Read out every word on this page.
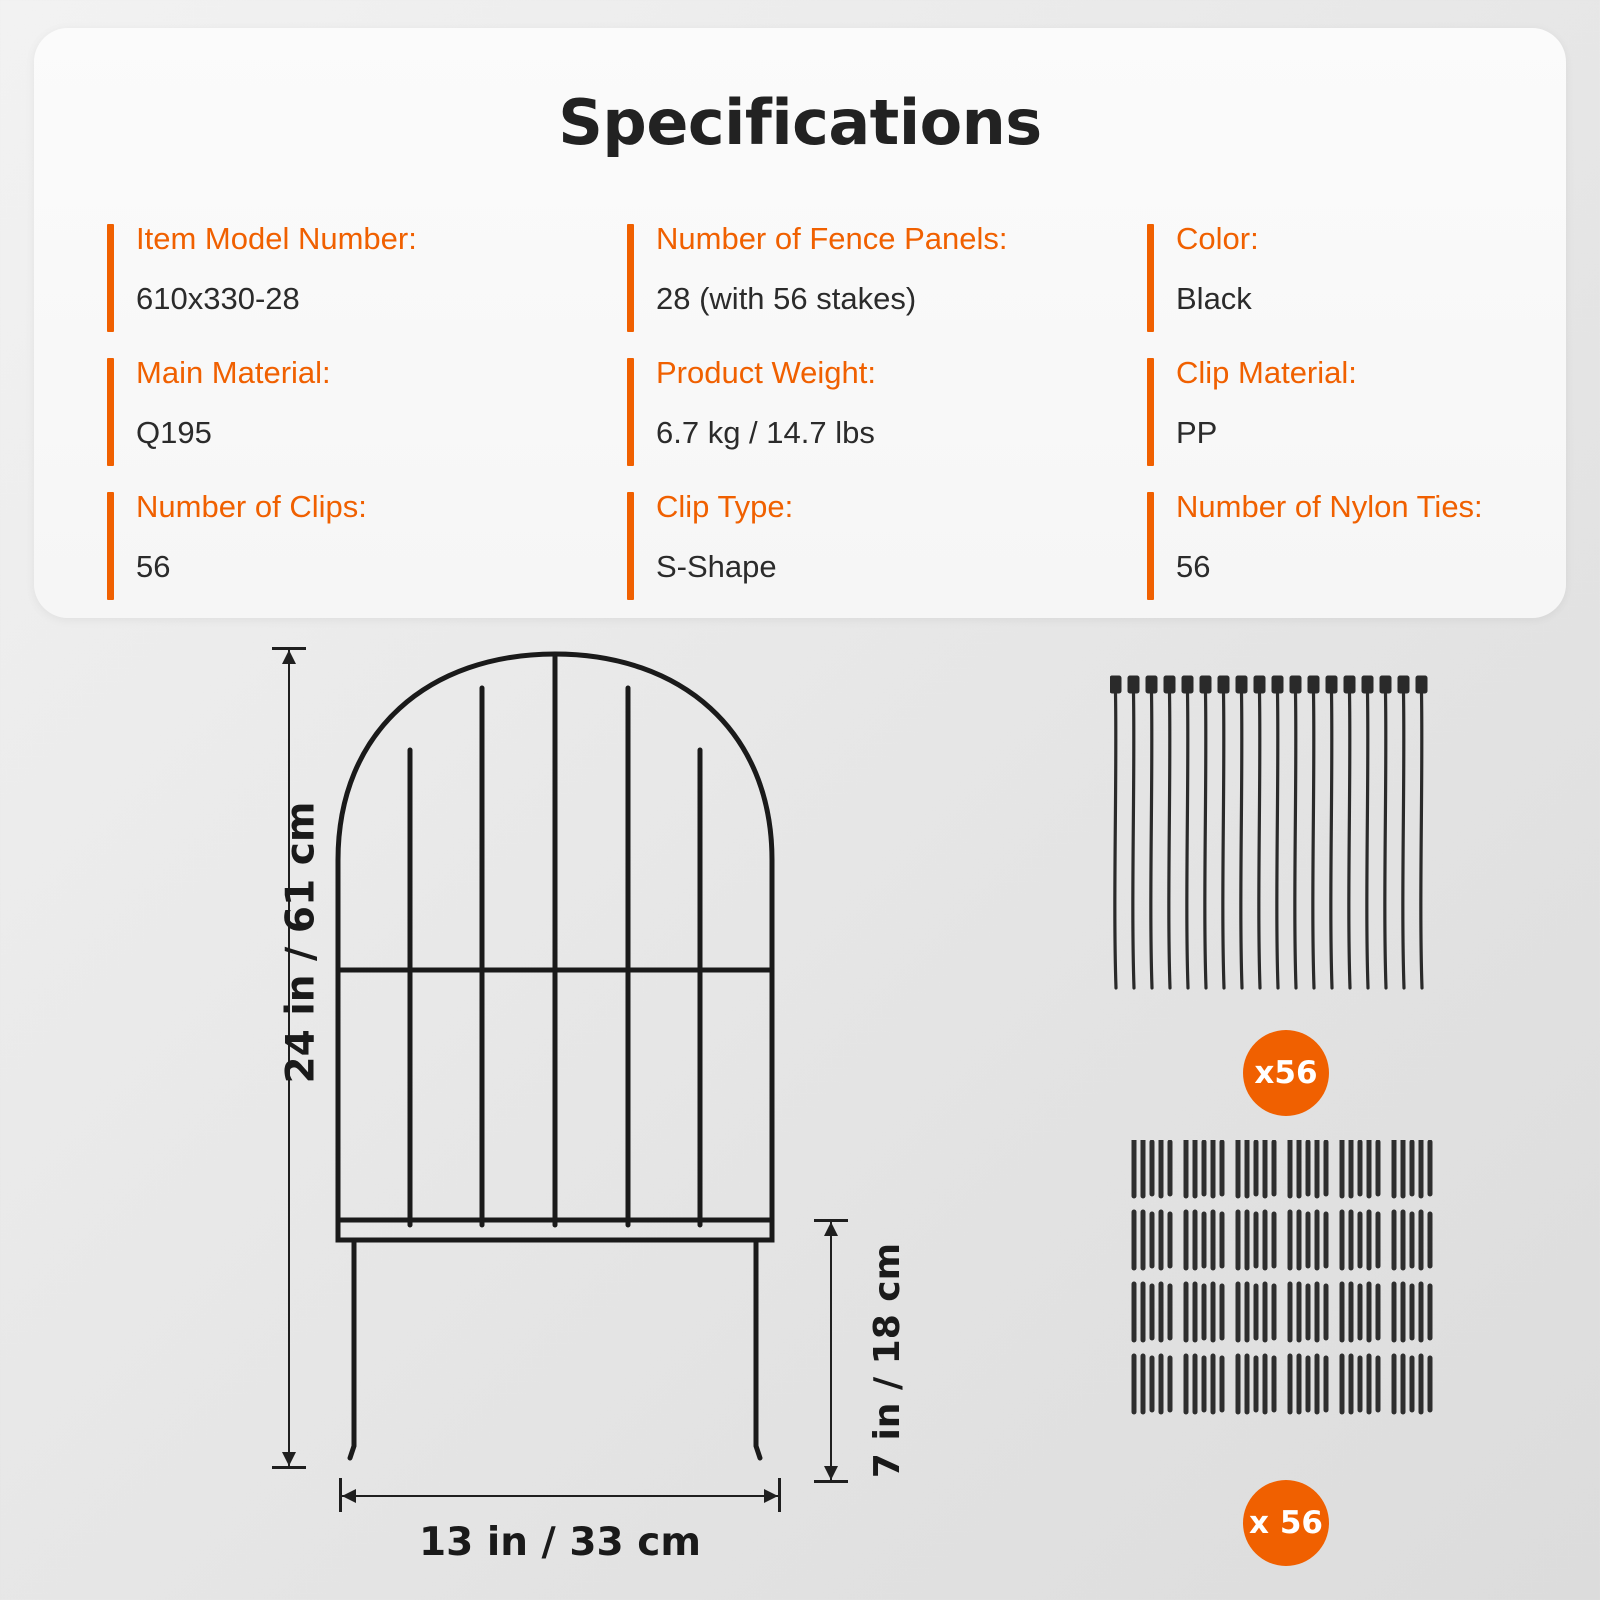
Specifications
Item Model Number:
610x330-28
Number of Fence Panels:
28 (with 56 stakes)
Color:
Black
Main Material:
Q195
Product Weight:
6.7 kg / 14.7 lbs
Clip Material:
PP
Number of Clips:
56
Clip Type:
S-Shape
Number of Nylon Ties:
56
24 in / 61 cm
13 in / 33 cm
7 in / 18 cm
x56
x 56
